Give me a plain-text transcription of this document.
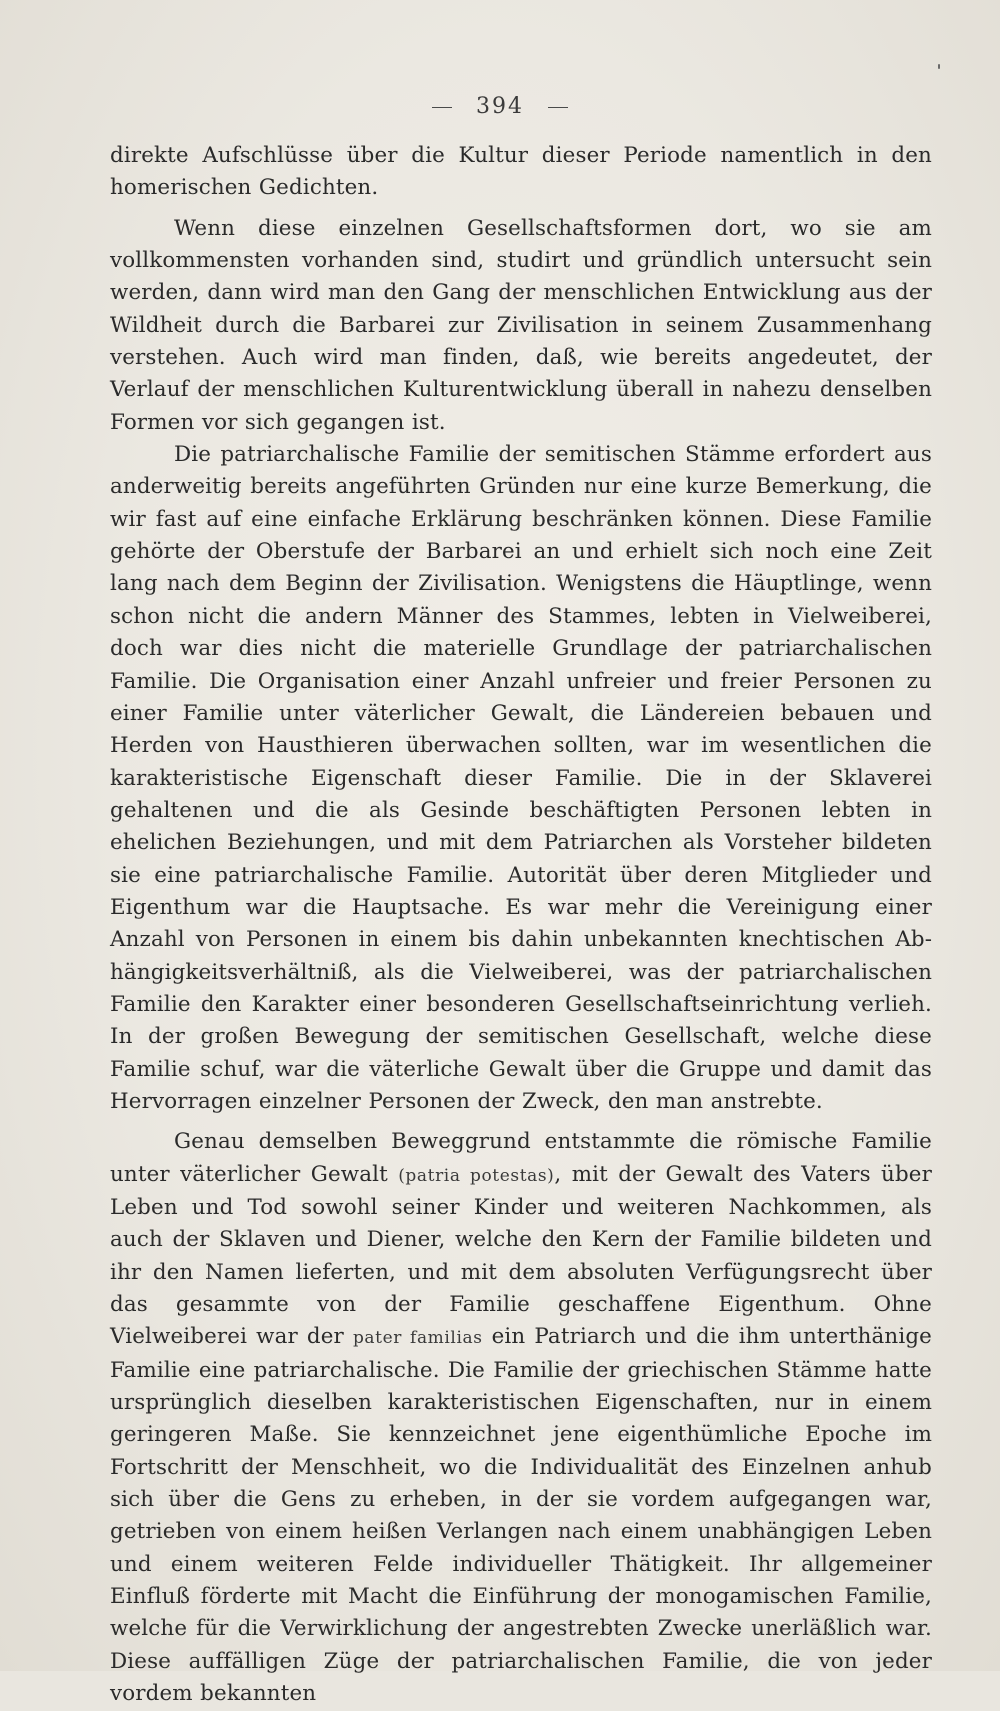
394

direkte Aufschlüsse über die Kultur dieser Periode namentlich in den homerischen Gedichten.

Wenn diese einzelnen Gesellschaftsformen dort, wo sie am vollkommensten vorhanden sind, studirt und gründlich untersucht sein werden, dann wird man den Gang der menschlichen Entwicklung aus der Wildheit durch die Barbarei zur Zivilisation in seinem Zusammenhang verstehen. Auch wird man finden, daß, wie bereits angedeutet, der Verlauf der menschlichen Kulturentwicklung überall in nahezu denselben Formen vor sich gegangen ist.

Die patriarchalische Familie der semitischen Stämme erfordert aus anderweitig bereits angeführten Gründen nur eine kurze Bemerkung, die wir fast auf eine einfache Erklärung beschränken können. Diese Familie gehörte der Oberstufe der Barbarei an und erhielt sich noch eine Zeit lang nach dem Beginn der Zivilisation. Wenigstens die Häuptlinge, wenn schon nicht die andern Männer des Stammes, lebten in Vielweiberei, doch war dies nicht die materielle Grundlage der patriarchalischen Familie. Die Organisation einer Anzahl unfreier und freier Personen zu einer Familie unter väterlicher Gewalt, die Ländereien bebauen und Herden von Hausthieren überwachen sollten, war im wesentlichen die karakteristische Eigenschaft dieser Familie. Die in der Sklaverei gehaltenen und die als Gesinde beschäftigten Personen lebten in ehelichen Beziehungen, und mit dem Patriarchen als Vorsteher bildeten sie eine patriarchalische Familie. Autorität über deren Mitglieder und Eigenthum war die Hauptsache. Es war mehr die Vereinigung einer Anzahl von Personen in einem bis dahin unbekannten knechtischen Abhängigkeitsverhältniß, als die Vielweiberei, was der patriarchalischen Familie den Karakter einer besonderen Gesellschaftseinrichtung verlieh. In der großen Bewegung der semitischen Gesellschaft, welche diese Familie schuf, war die väterliche Gewalt über die Gruppe und damit das Hervorragen einzelner Personen der Zweck, den man anstrebte.

Genau demselben Beweggrund entstammte die römische Familie unter väterlicher Gewalt (patria potestas), mit der Gewalt des Vaters über Leben und Tod sowohl seiner Kinder und weiteren Nachkommen, als auch der Sklaven und Diener, welche den Kern der Familie bildeten und ihr den Namen lieferten, und mit dem absoluten Verfügungsrecht über das gesammte von der Familie geschaffene Eigenthum. Ohne Vielweiberei war der pater familias ein Patriarch und die ihm unterthänige Familie eine patriarchalische. Die Familie der griechischen Stämme hatte ursprünglich dieselben karakteristischen Eigenschaften, nur in einem geringeren Maße. Sie kennzeichnet jene eigenthümliche Epoche im Fortschritt der Menschheit, wo die Individualität des Einzelnen anhub sich über die Gens zu erheben, in der sie vordem aufgegangen war, getrieben von einem heißen Verlangen nach einem unabhängigen Leben und einem weiteren Felde individueller Thätigkeit. Ihr allgemeiner Einfluß förderte mit Macht die Einführung der monogamischen Familie, welche für die Verwirklichung der angestrebten Zwecke unerläßlich war. Diese auffälligen Züge der patriarchalischen Familie, die von jeder vordem bekannten
